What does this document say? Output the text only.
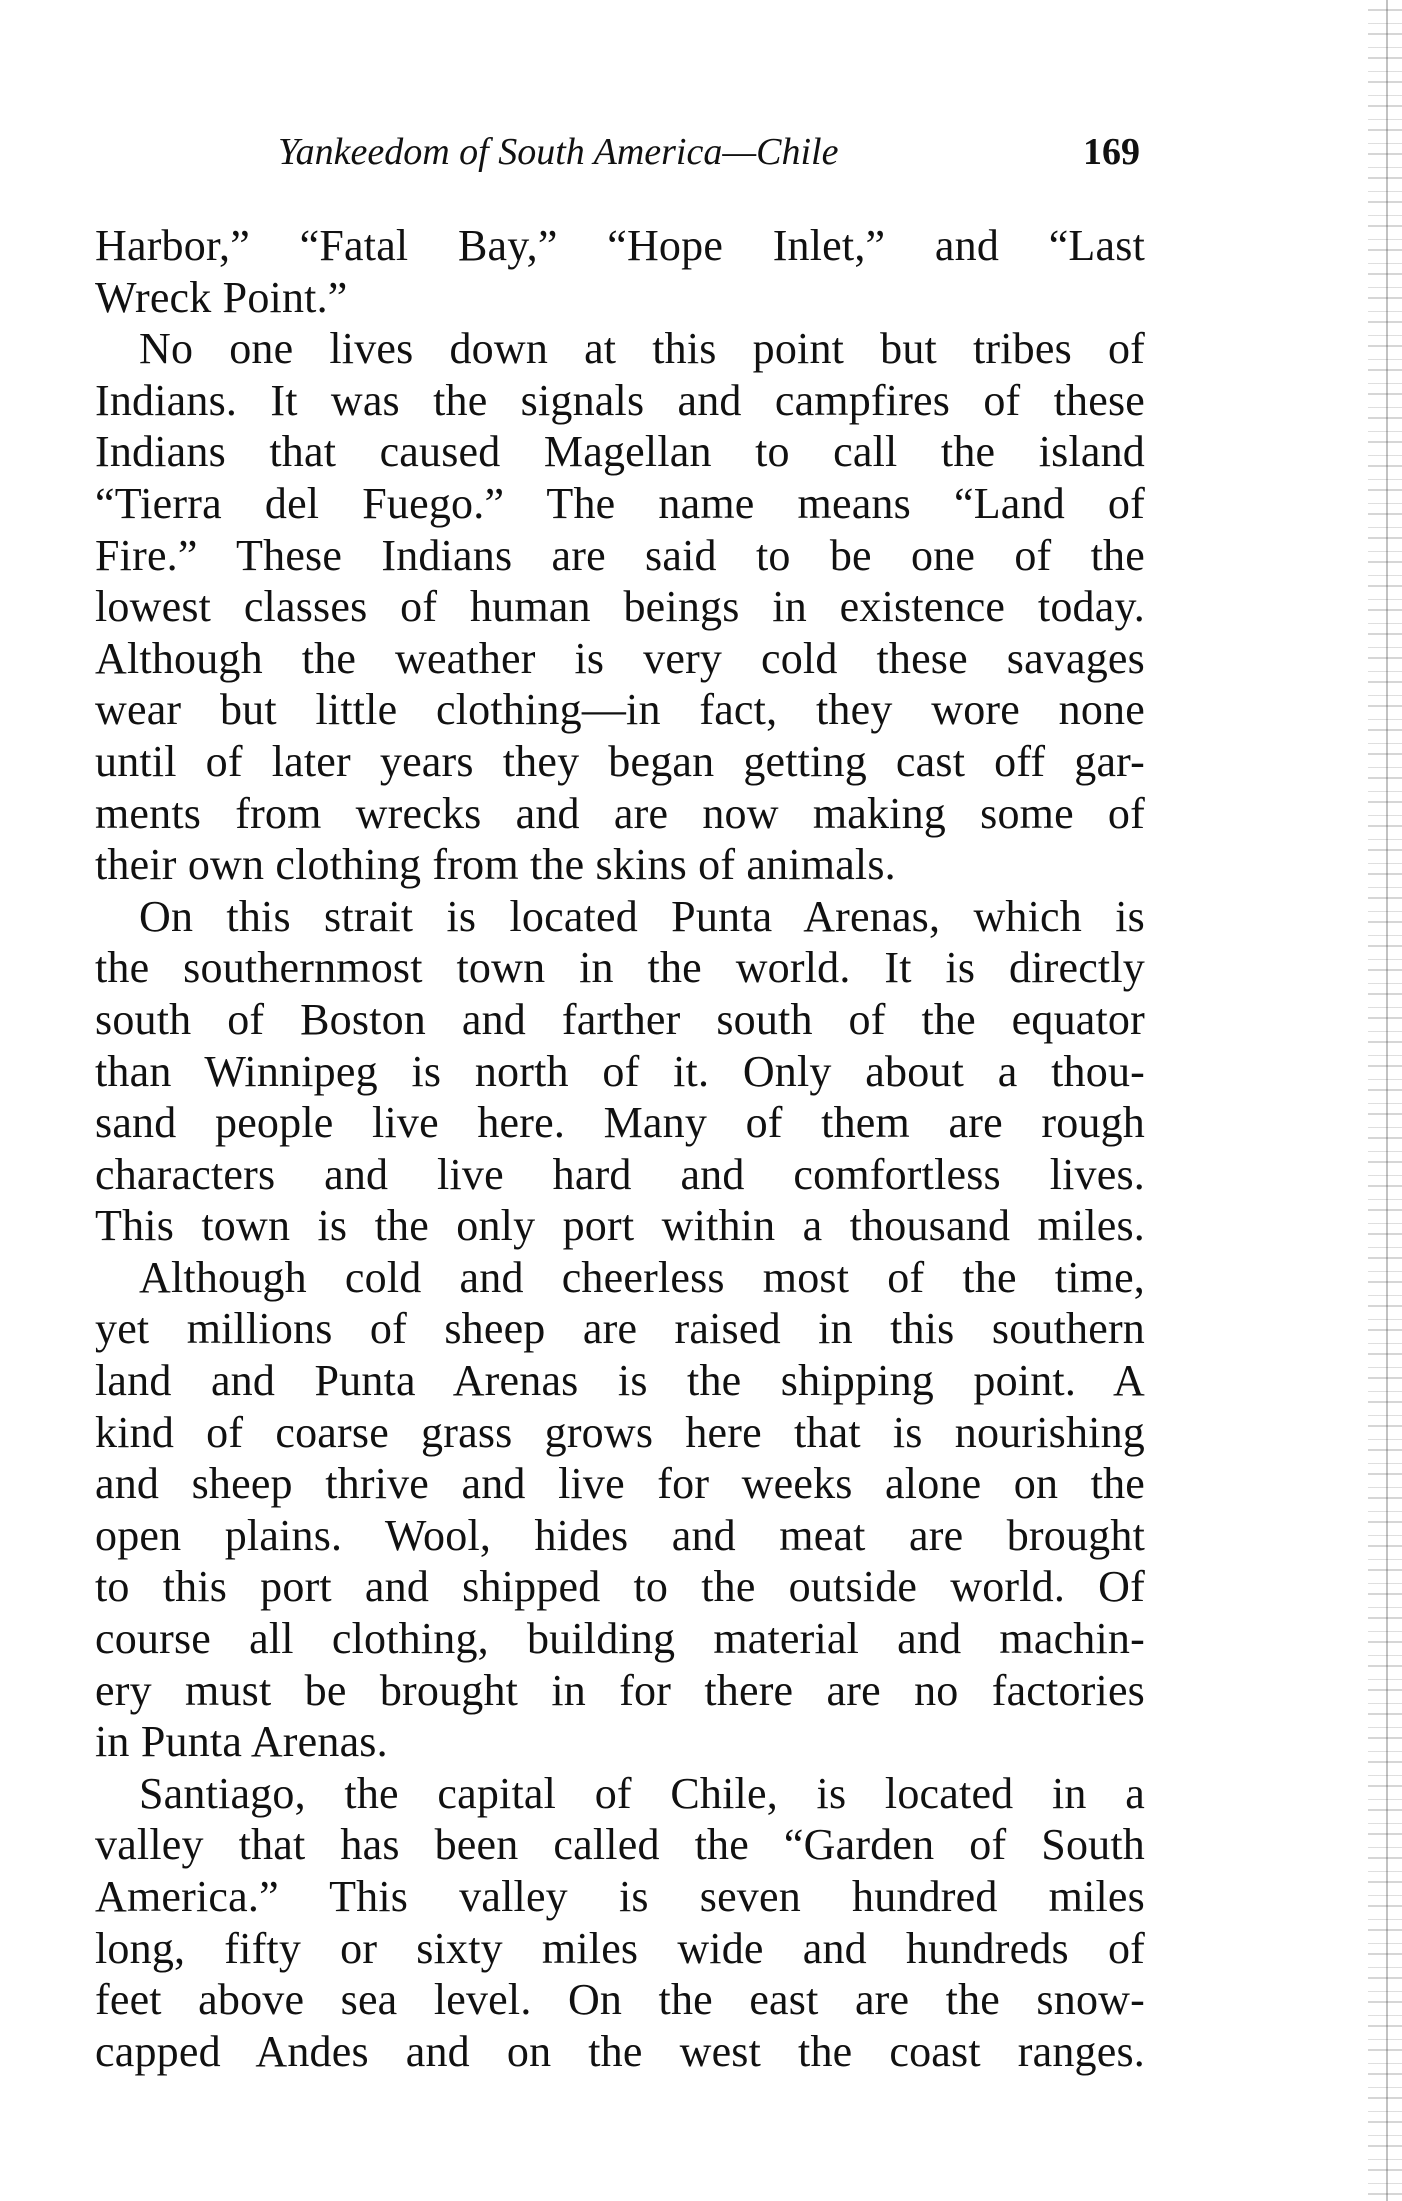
Yankeedom of South America—Chile	169
Harbor,” “Fatal Bay,” “Hope Inlet,” and “Last
Wreck Point.”
No one lives down at this point but tribes of
Indians. It was the signals and campfires of these
Indians that caused Magellan to call the island
“Tierra del Fuego.” The name means “Land of
Fire.” These Indians are said to be one of the
lowest classes of human beings in existence today.
Although the weather is very cold these savages
wear but little clothing—in fact, they wore none
until of later years they began getting cast off gar-
ments from wrecks and are now making some of
their own clothing from the skins of animals.
On this strait is located Punta Arenas, which is
the southernmost town in the world. It is directly
south of Boston and farther south of the equator
than Winnipeg is north of it. Only about a thou-
sand people live here. Many of them are rough
characters and live hard and comfortless lives.
This town is the only port within a thousand miles.
Although cold and cheerless most of the time,
yet millions of sheep are raised in this southern
land and Punta Arenas is the shipping point. A
kind of coarse grass grows here that is nourishing
and sheep thrive and live for weeks alone on the
open plains. Wool, hides and meat are brought
to this port and shipped to the outside world. Of
course all clothing, building material and machin-
ery must be brought in for there are no factories
in Punta Arenas.
Santiago, the capital of Chile, is located in a
valley that has been called the “Garden of South
America.” This valley is seven hundred miles
long, fifty or sixty miles wide and hundreds of
feet above sea level. On the east are the snow-
capped Andes and on the west the coast ranges.
